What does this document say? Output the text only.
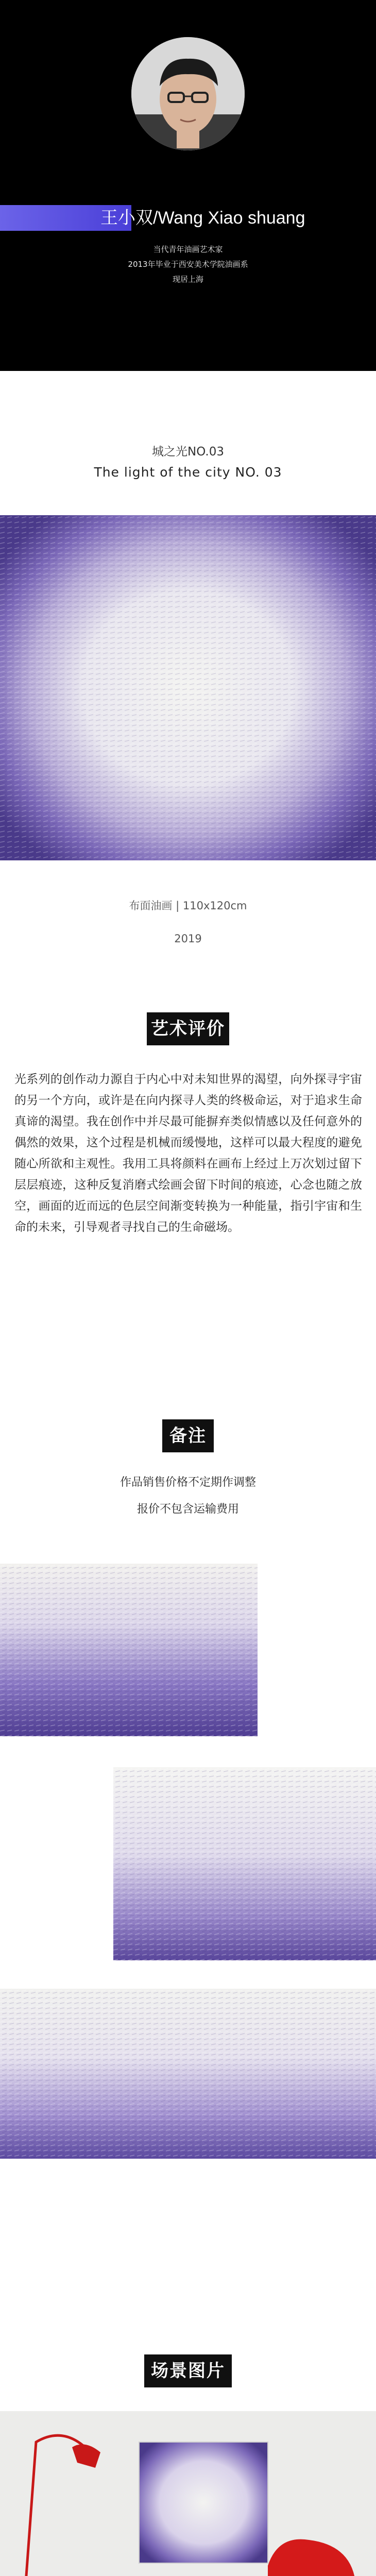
王小双/Wang Xiao shuang
当代青年油画艺术家
2013年毕业于西安美术学院油画系
现居上海
城之光NO.03
The light of the city NO. 03
布面油画 | 110x120cm
2019
艺术评价

光系列的创作动力源自于内心中对未知世界的渴望，向外探寻宇宙的另一个方向，或许是在向内探寻人类的终极命运，对于追求生命真谛的渴望。我在创作中并尽最可能摒弃类似情感以及任何意外的偶然的效果，这个过程是机械而缓慢地，这样可以最大程度的避免随心所欲和主观性。我用工具将颜料在画布上经过上万次划过留下层层痕迹，这种反复消磨式绘画会留下时间的痕迹，心念也随之放空，画面的近而远的色层空间渐变转换为一种能量，指引宇宙和生命的未来，引导观者寻找自己的生命磁场。

备注
作品销售价格不定期作调整
报价不包含运输费用
场景图片
